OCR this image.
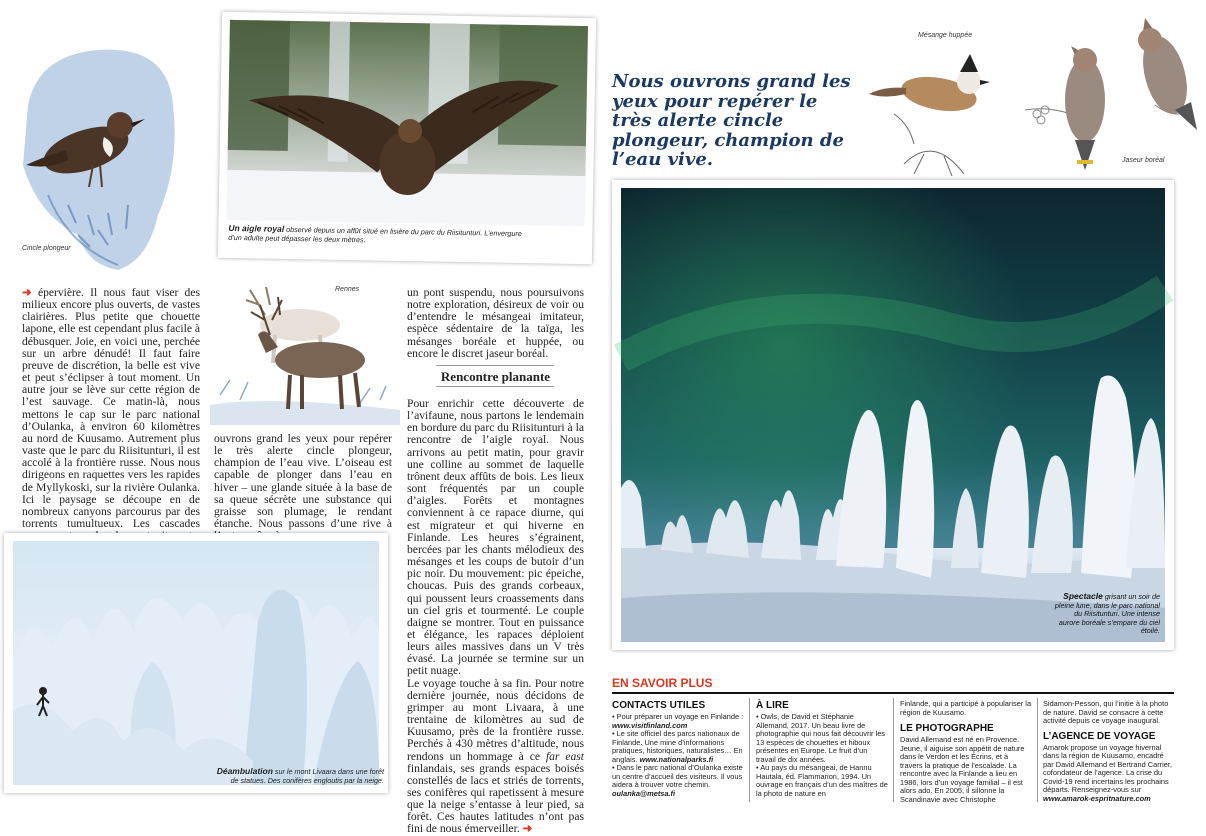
Cincle plongeur
Un aigle royal observé depuis un affût situé en lisière du parc du Riisitunturi. L’envergure d’un adulte peut dépasser les deux mètres.
Nous ouvrons grand les yeux pour repérer le très alerte cincle plongeur, champion de l’eau vive.
Mésange huppée
Jaseur boréal
Rennes

➜ épervière. Il nous faut viser des milieux encore plus ouverts, de vastes clairières. Plus petite que chouette lapone, elle est cependant plus facile à débusquer. Joie, en voici une, perchée sur un arbre dénudé! Il faut faire preuve de discrétion, la belle est vive et peut s’éclipser à tout moment. Un autre jour se lève sur cette région de l’est sauvage. Ce matin-là, nous mettons le cap sur le parc national d’Oulanka, à environ 60 kilomètres au nord de Kuusamo. Autrement plus vaste que le parc du Riisitunturi, il est accolé à la frontière russe. Nous nous dirigeons en raquettes vers les rapides de Myllykoski, sur la rivière Oulanka. Ici le paysage se découpe en de nombreux canyons parcourus par des torrents tumultueux. Les cascades

ouvrons grand les yeux pour repérer le très alerte cincle plongeur, champion de l’eau vive. L’oiseau est capable de plonger dans l’eau en hiver – une glande située à la base de sa queue sécrète une substance qui graisse son plumage, le rendant étanche. Nous passons d’une rive à

un pont suspendu, nous poursuivons notre exploration, désireux de voir ou d’entendre le mésangeai imitateur, espèce sédentaire de la taïga, les mésanges boréale et huppée, ou encore le discret jaseur boréal.

Rencontre planante

Pour enrichir cette découverte de l’avifaune, nous partons le lendemain en bordure du parc du Riisitunturi à la rencontre de l’aigle royal. Nous arrivons au petit matin, pour gravir une colline au sommet de laquelle trônent deux affûts de bois. Les lieux sont fréquentés par un couple d’aigles. Forêts et montagnes conviennent à ce rapace diurne, qui est migrateur et qui hiverne en Finlande. Les heures s’égrainent, bercées par les chants mélodieux des mésanges et les coups de butoir d’un pic noir. Du mouvement: pic épeiche, choucas. Puis des grands corbeaux, qui poussent leurs croassements dans un ciel gris et tourmenté. Le couple daigne se montrer. Tout en puissance et élégance, les rapaces déploient leurs ailes massives dans un V très évasé. La journée se termine sur un petit nuage.

Le voyage touche à sa fin. Pour notre dernière journée, nous décidons de grimper au mont Livaara, à une trentaine de kilomètres au sud de Kuusamo, près de la frontière russe. Perchés à 430 mètres d’altitude, nous rendons un hommage à ce far east finlandais, ses grands espaces boisés constellés de lacs et striés de torrents, ses conifères qui rapetissent à mesure que la neige s’entasse à leur pied, sa forêt. Ces hautes latitudes n’ont pas fini de nous émerveiller. ➜

Déambulation sur le mont Livaara dans une forêt de statues. Des conifères engloutis par la neige.
Spectacle grisant un soir de pleine lune, dans le parc national du Riisitunturi. Une intense aurore boréale s’empare du ciel étoilé.
EN SAVOIR PLUS
CONTACTS UTILES
• Pour préparer un voyage en Finlande : www.visitfinland.com
• Le site officiel des parcs nationaux de Finlande. Une mine d’informations pratiques, historiques, naturalistes… En anglais. www.nationalparks.fi
• Dans le parc national d’Oulanka existe un centre d’accueil des visiteurs. Il vous aidera à trouver votre chemin. oulanka@metsa.fi
À LIRE
• Owls, de David et Stéphanie Allemand, 2017. Un beau livre de photographie qui nous fait découvrir les 13 espèces de chouettes et hiboux présentes en Europe. Le fruit d’un travail de dix années.
• Au pays du mésangeai, de Hannu Hautala, éd. Flammarion, 1994. Un ouvrage en français d’un des maîtres de la photo de nature en
Finlande, qui a participé à populariser la région de Kuusamo.
LE PHOTOGRAPHE
David Allemand est né en Provence. Jeune, il aiguise son appétit de nature dans le Verdon et les Écrins, et à travers la pratique de l’escalade. La rencontre avec la Finlande a lieu en 1986, lors d’un voyage familial – il est alors ado. En 2005, il sillonne la Scandinavie avec Christophe
Sidamon-Pesson, qui l’initie à la photo de nature. David se consacre à cette activité depuis ce voyage inaugural.
L’AGENCE DE VOYAGE
Amarok propose un voyage hivernal dans la région de Kuusamo, encadré par David Allemand et Bertrand Carrier, cofondateur de l’agence. La crise du Covid-19 rend incertains les prochains départs. Renseignez-vous sur www.amarok-espritnature.com
